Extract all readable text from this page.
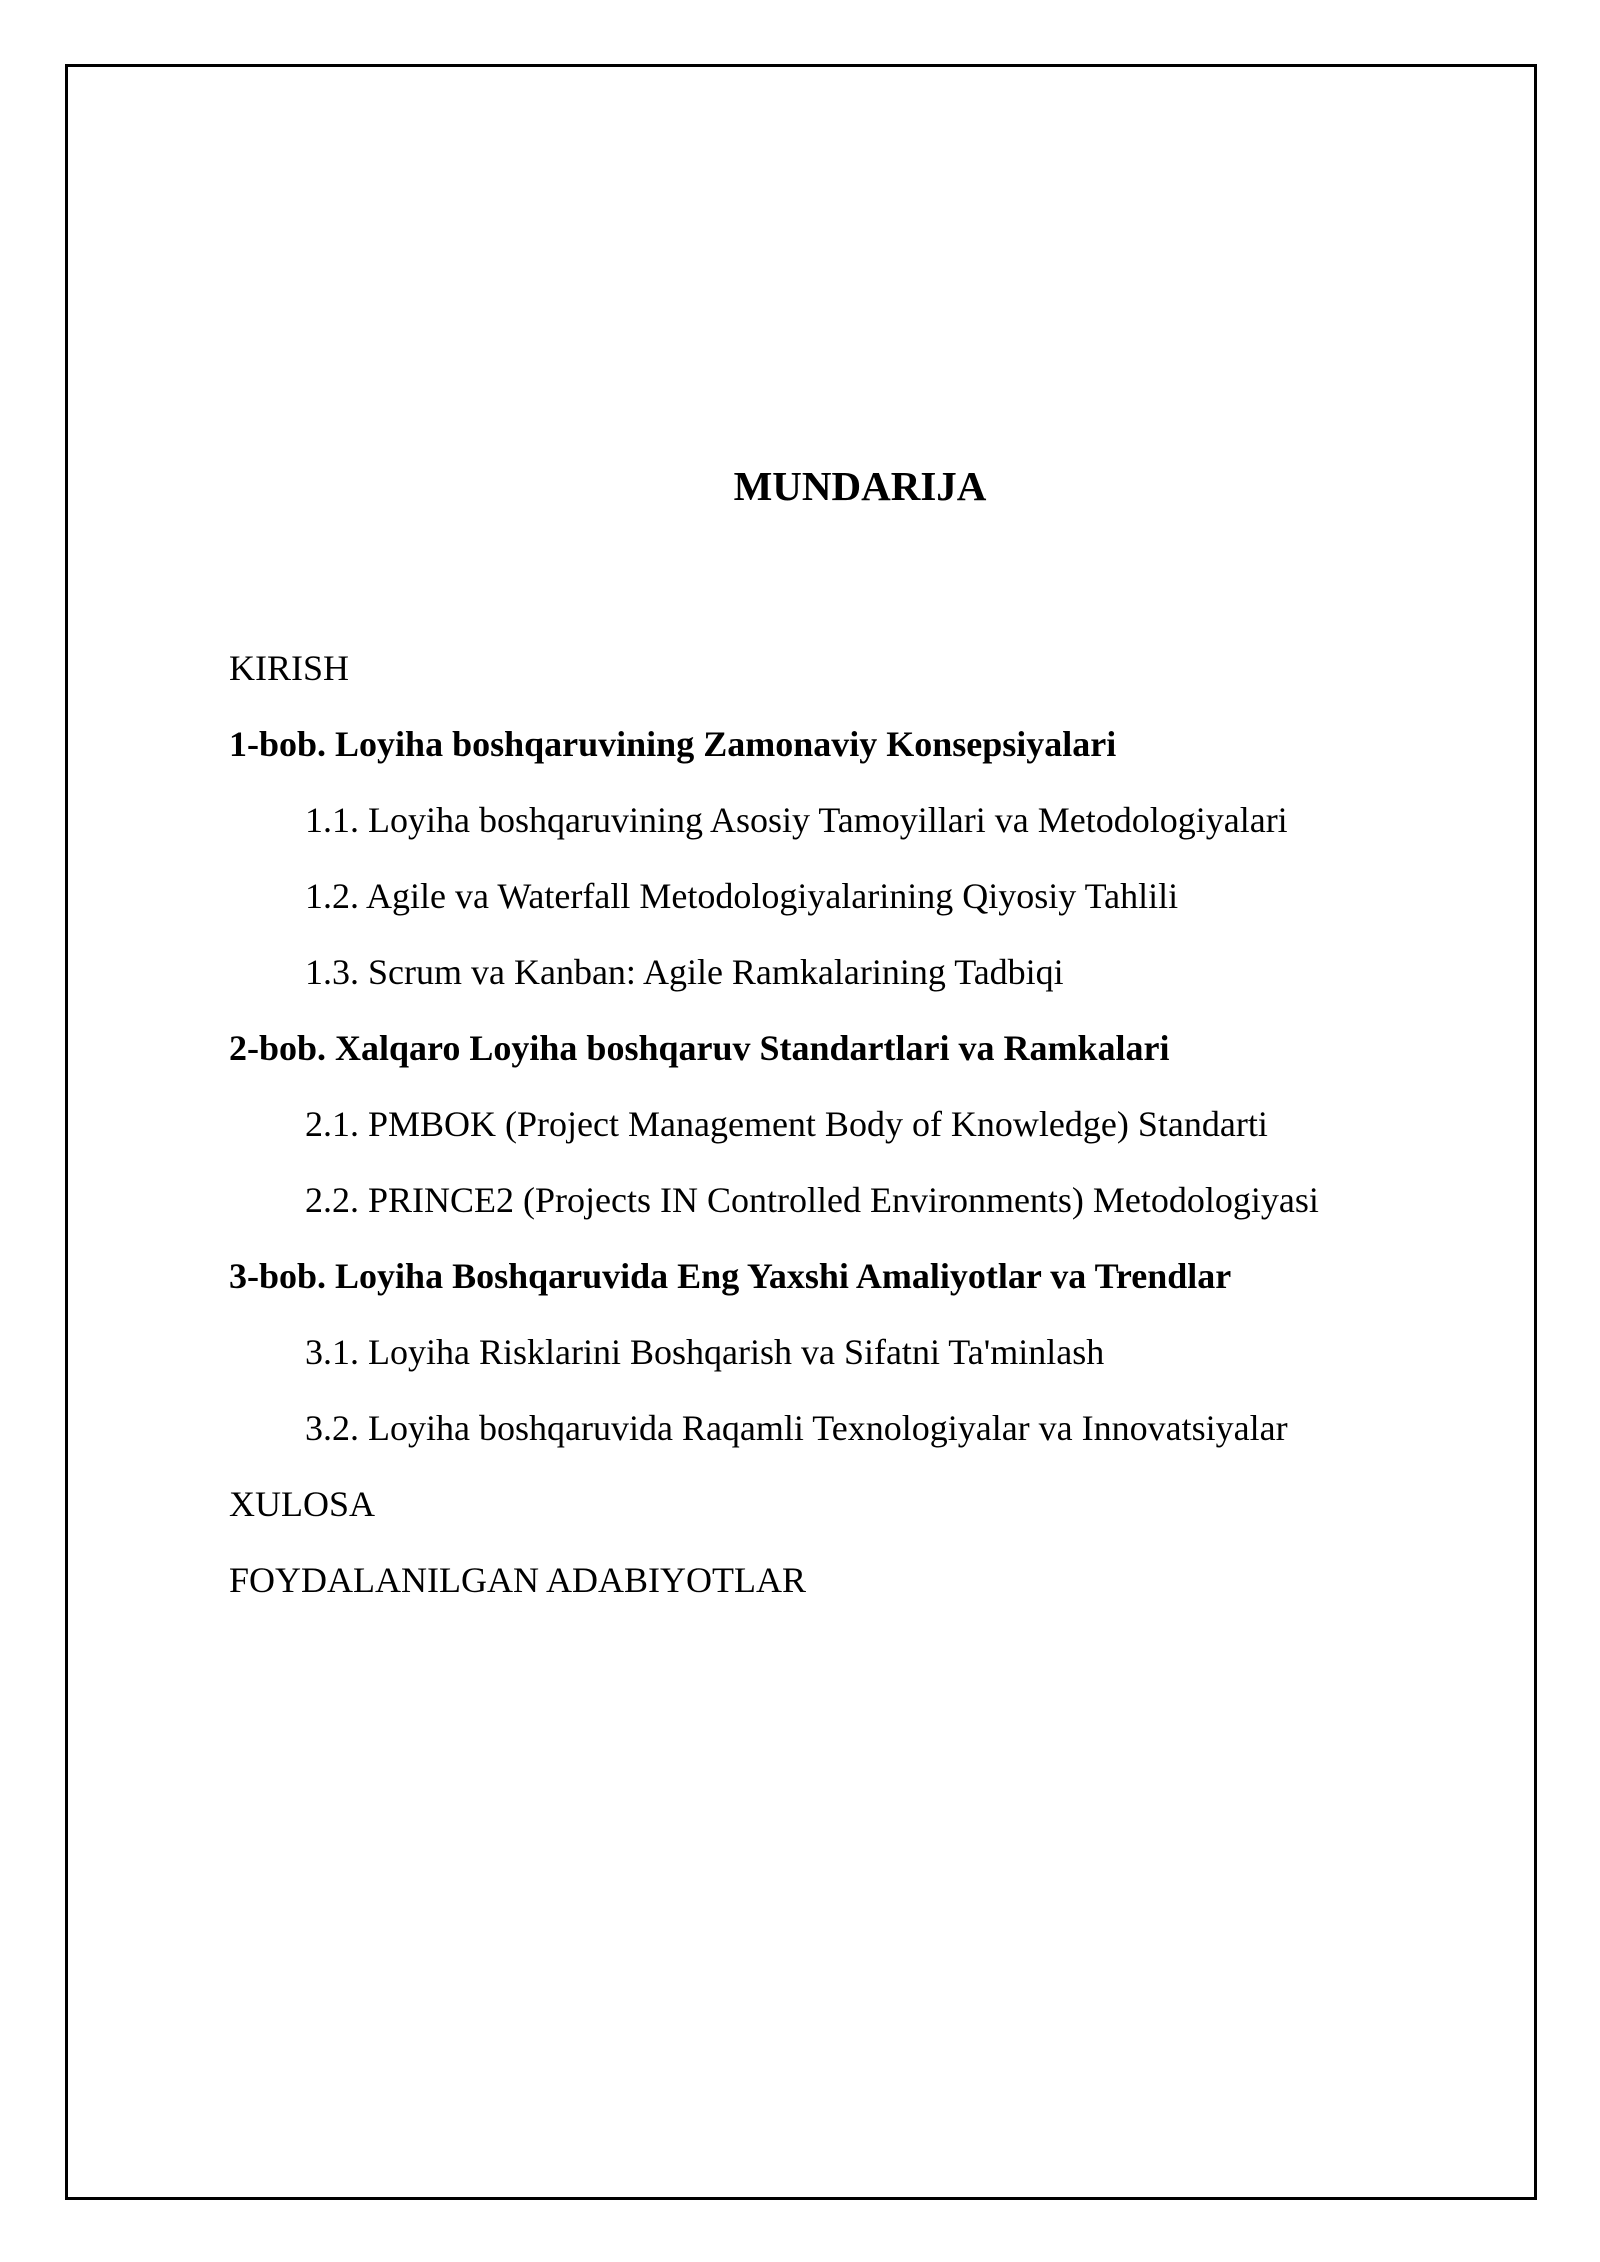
MUNDARIJA
KIRISH
1-bob. Loyiha boshqaruvining Zamonaviy Konsepsiyalari
1.1. Loyiha boshqaruvining Asosiy Tamoyillari va Metodologiyalari
1.2. Agile va Waterfall Metodologiyalarining Qiyosiy Tahlili
1.3. Scrum va Kanban: Agile Ramkalarining Tadbiqi
2-bob. Xalqaro Loyiha boshqaruv Standartlari va Ramkalari
2.1. PMBOK (Project Management Body of Knowledge) Standarti
2.2. PRINCE2 (Projects IN Controlled Environments) Metodologiyasi
3-bob. Loyiha Boshqaruvida Eng Yaxshi Amaliyotlar va Trendlar
3.1. Loyiha Risklarini Boshqarish va Sifatni Ta'minlash
3.2. Loyiha boshqaruvida Raqamli Texnologiyalar va Innovatsiyalar
XULOSA
FOYDALANILGAN ADABIYOTLAR
